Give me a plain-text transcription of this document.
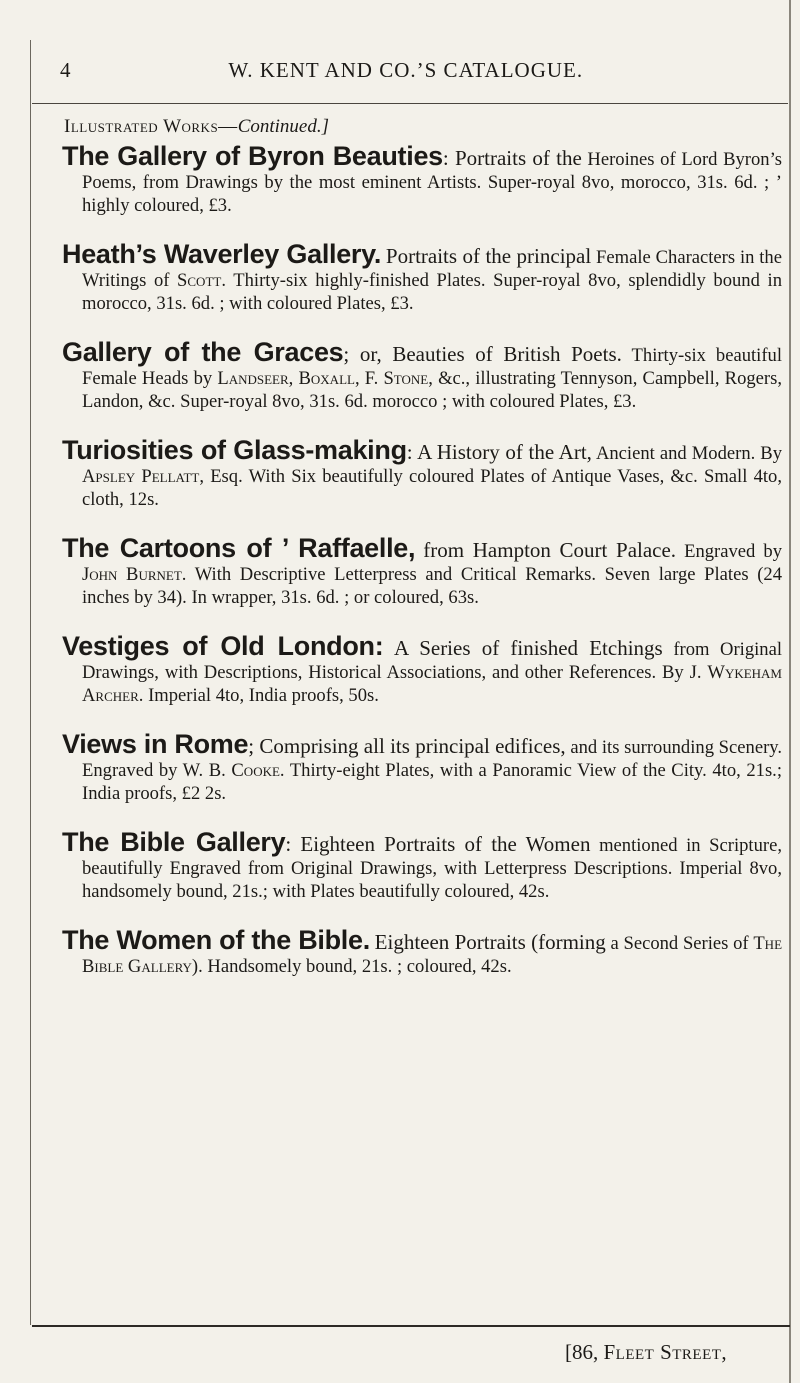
4	W. KENT AND CO.’S CATALOGUE.
Illustrated Works—Continued.]
The Gallery of Byron Beauties: Portraits of the Heroines of Lord Byron’s Poems, from Drawings by the most eminent Artists. Super-royal 8vo, morocco, 31s. 6d. ; ’ highly coloured, £3.
Heath’s Waverley Gallery. Portraits of the principal Female Characters in the Writings of Scott. Thirty-six highly-finished Plates. Super-royal 8vo, splendidly bound in morocco, 31s. 6d. ; with coloured Plates, £3.
Gallery of the Graces; or, Beauties of British Poets. Thirty-six beautiful Female Heads by Landseer, Boxall, F. Stone, &c., illustrating Tennyson, Campbell, Rogers, Landon, &c. Super-royal 8vo, 31s. 6d. morocco ; with coloured Plates, £3.
Turiosities of Glass-making: A History of the Art, Ancient and Modern. By Apsley Pellatt, Esq. With Six beautifully coloured Plates of Antique Vases, &c. Small 4to, cloth, 12s.
The Cartoons of ’ Raffaelle, from Hampton Court Palace. Engraved by John Burnet. With Descriptive Letterpress and Critical Remarks. Seven large Plates (24 inches by 34). In wrapper, 31s. 6d. ; or coloured, 63s.
Vestiges of Old London: A Series of finished Etchings from Original Drawings, with Descriptions, Historical Associations, and other References. By J. Wykeham Archer. Imperial 4to, India proofs, 50s.
Views in Rome; Comprising all its principal edifices, and its surrounding Scenery. Engraved by W. B. Cooke. Thirty-eight Plates, with a Panoramic View of the City. 4to, 21s.; India proofs, £2 2s.
The Bible Gallery: Eighteen Portraits of the Women mentioned in Scripture, beautifully Engraved from Original Drawings, with Letterpress Descriptions. Imperial 8vo, handsomely bound, 21s.; with Plates beautifully coloured, 42s.
The Women of the Bible. Eighteen Portraits (forming a Second Series of The Bible Gallery). Handsomely bound, 21s. ; coloured, 42s.
[86, Fleet Street,
